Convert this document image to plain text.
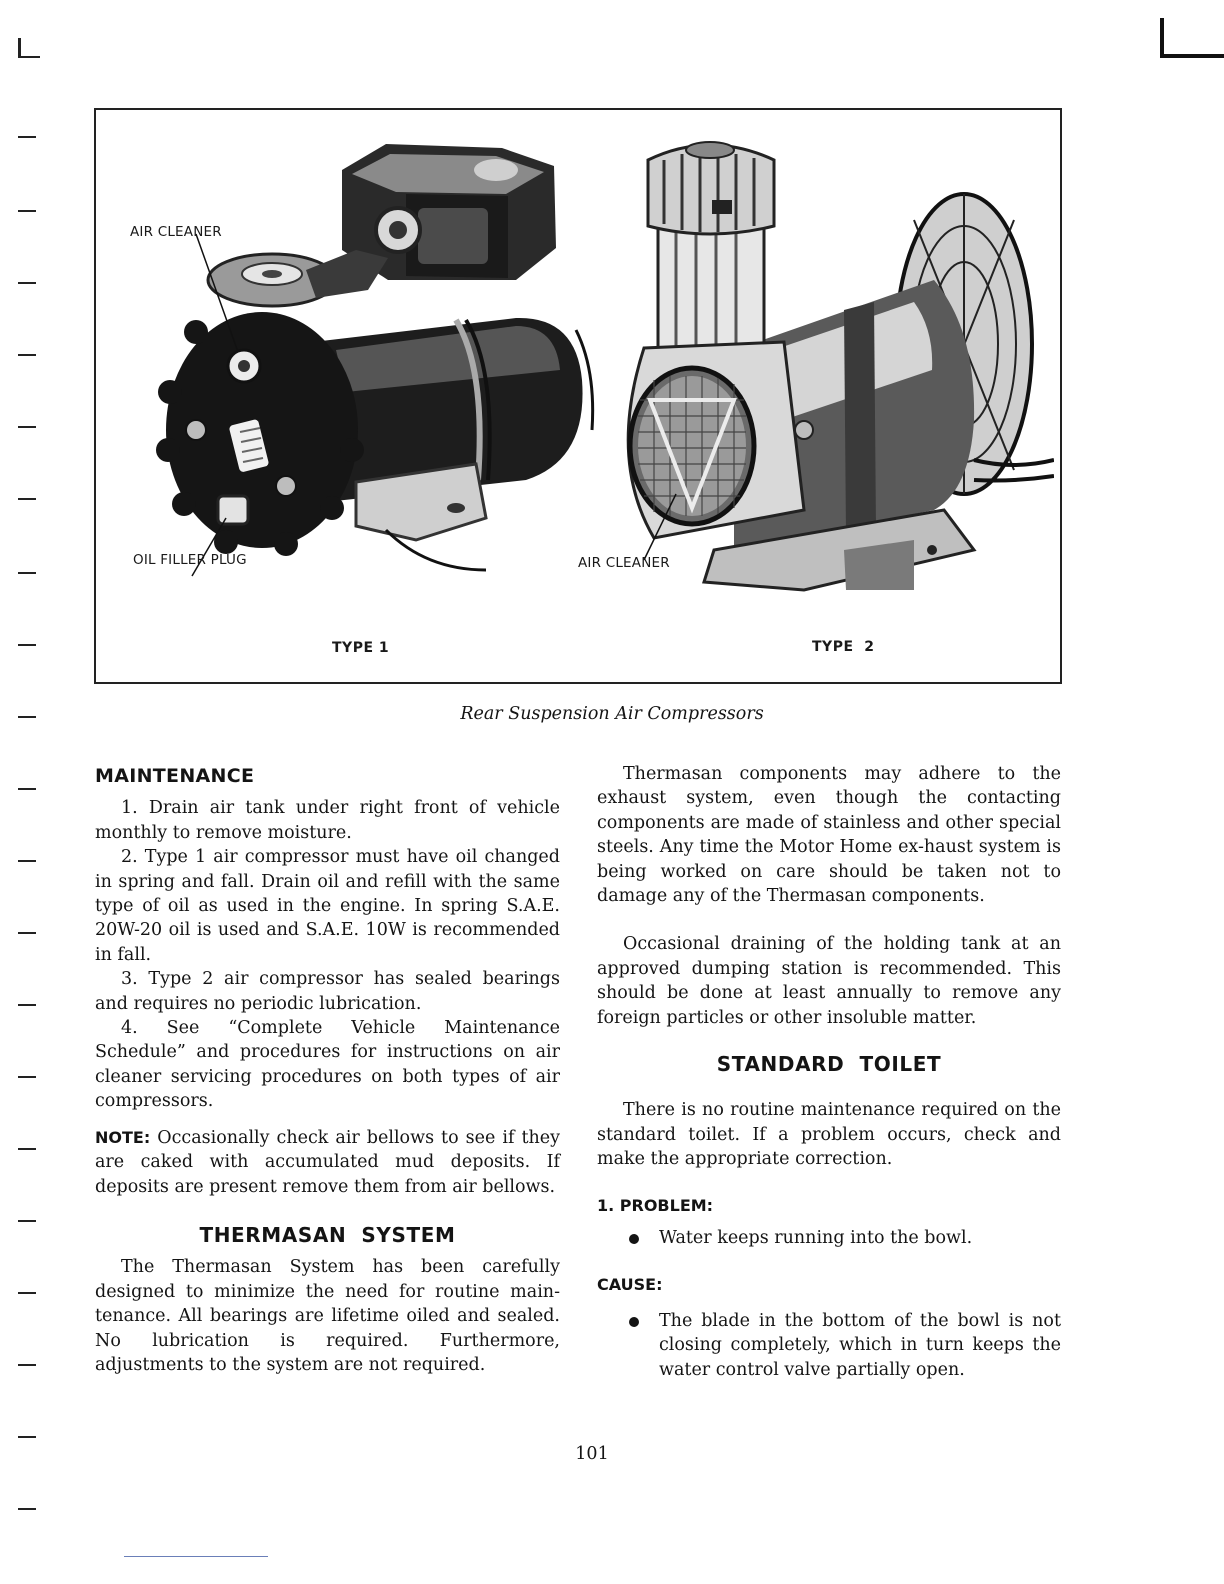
AIR CLEANER
OIL FILLER PLUG	AIR CLEANER
TYPE 1	TYPE  2
Rear Suspension Air Compressors
MAINTENANCE

1. Drain air tank under right front of vehicle monthly to remove moisture.

2. Type 1 air compressor must have oil changed in spring and fall. Drain oil and refill with the same type of oil as used in the engine. In spring S.A.E. 20W-20 oil is used and S.A.E. 10W is recommended in fall.

3. Type 2 air compressor has sealed bearings and requires no periodic lubrication.

4. See “Complete Vehicle Maintenance Schedule” and procedures for instructions on air cleaner servicing procedures on both types of air compressors.

NOTE: Occasionally check air bellows to see if they are caked with accumulated mud deposits. If deposits are present remove them from air bellows.

THERMASAN  SYSTEM

The Thermasan System has been carefully designed to minimize the need for routine main-tenance. All bearings are lifetime oiled and sealed. No lubrication is required. Furthermore, adjustments to the system are not required.

Thermasan components may adhere to the exhaust system, even though the contacting components are made of stainless and other special steels. Any time the Motor Home ex-haust system is being worked on care should be taken not to damage any of the Thermasan components.

Occasional draining of the holding tank at an approved dumping station is recommended. This should be done at least annually to remove any foreign particles or other insoluble matter.

STANDARD  TOILET

There is no routine maintenance required on the standard toilet. If a problem occurs, check and make the appropriate correction.

1. PROBLEM:
Water keeps running into the bowl.
CAUSE:
The blade in the bottom of the bowl is not closing completely, which in turn keeps the water control valve partially open.
101
